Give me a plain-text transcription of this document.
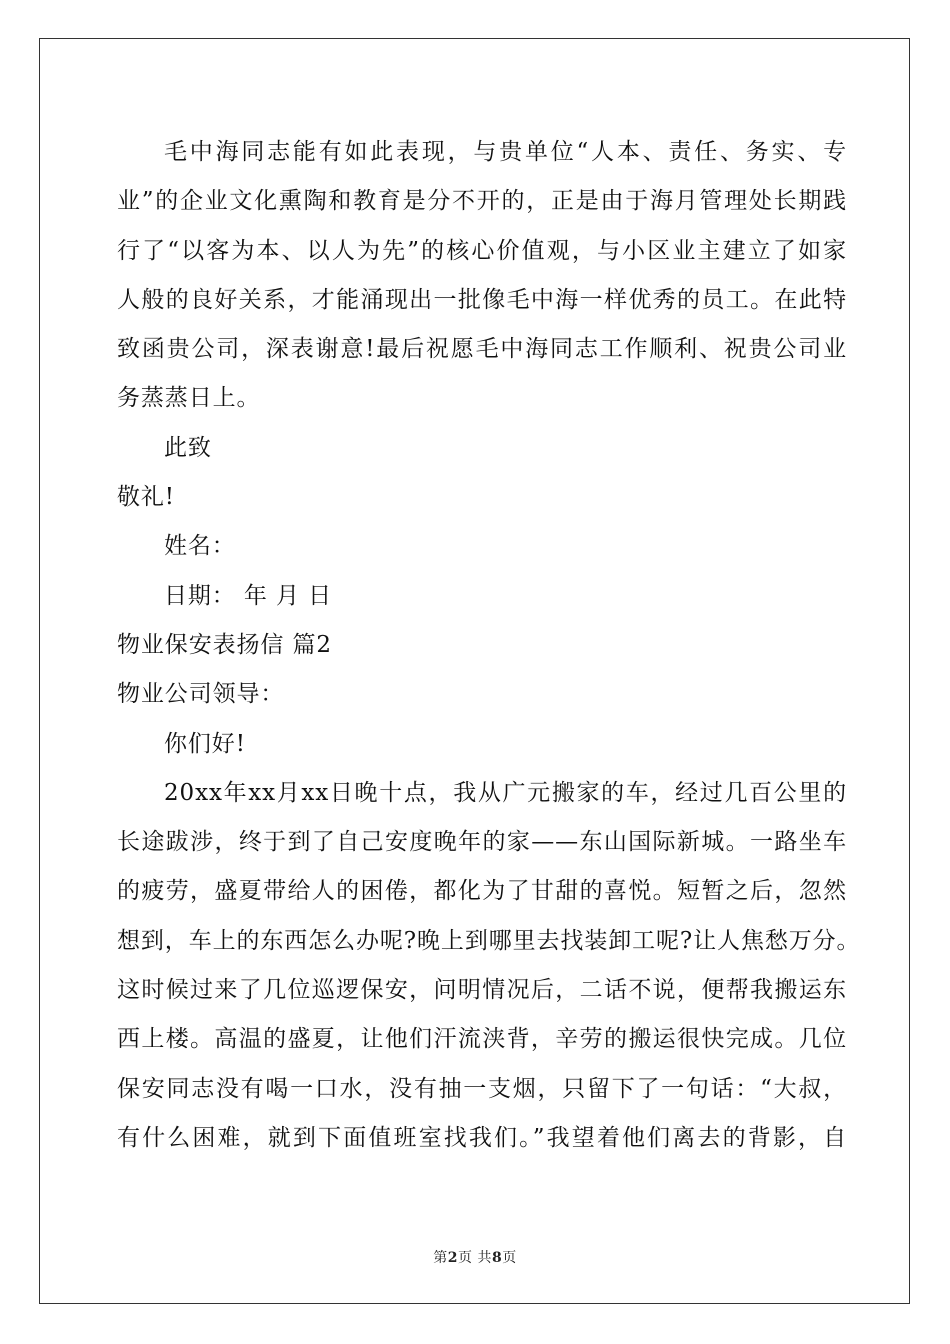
毛中海同志能有如此表现，与贵单位“人本、责任、务实、专
业”的企业文化熏陶和教育是分不开的，正是由于海月管理处长期践
行了“以客为本、以人为先”的核心价值观，与小区业主建立了如家
人般的良好关系，才能涌现出一批像毛中海一样优秀的员工。在此特
致函贵公司，深表谢意!最后祝愿毛中海同志工作顺利、祝贵公司业
务蒸蒸日上。
此致
敬礼!
姓名：
日期： 年 月 日
物业保安表扬信 篇2
物业公司领导：
你们好!
20xx年xx月xx日晚十点，我从广元搬家的车，经过几百公里的
长途跋涉，终于到了自己安度晚年的家——东山国际新城。一路坐车
的疲劳，盛夏带给人的困倦，都化为了甘甜的喜悦。短暂之后，忽然
想到，车上的东西怎么办呢?晚上到哪里去找装卸工呢?让人焦愁万分。
这时候过来了几位巡逻保安，问明情况后，二话不说，便帮我搬运东
西上楼。高温的盛夏，让他们汗流浃背，辛劳的搬运很快完成。几位
保安同志没有喝一口水，没有抽一支烟，只留下了一句话：“大叔，
有什么困难，就到下面值班室找我们。”我望着他们离去的背影，自
第2页 共8页
